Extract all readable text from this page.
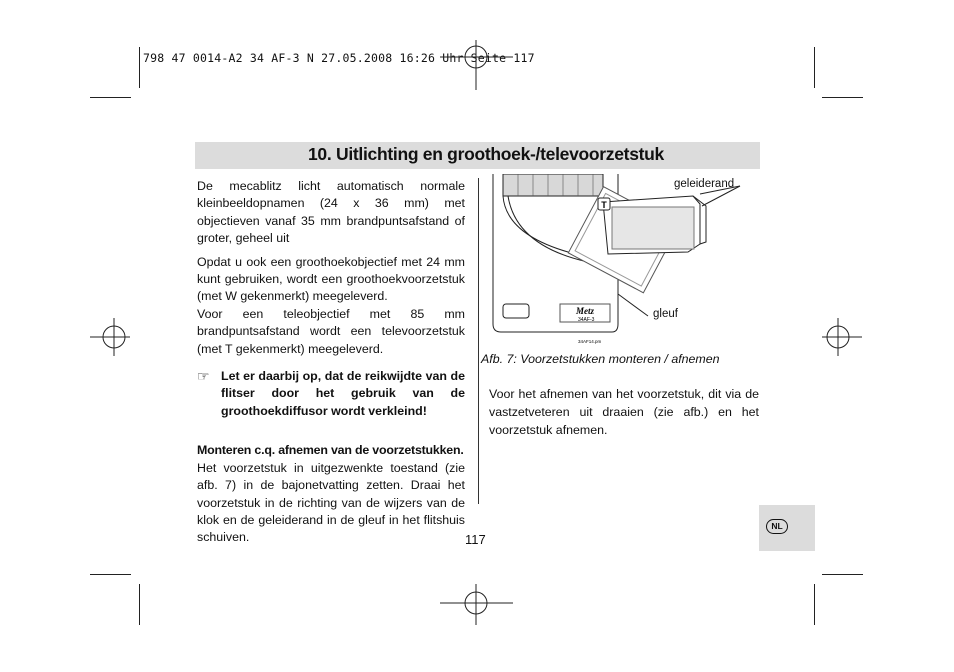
798 47 0014-A2 34 AF-3 N 27.05.2008 16:26 Uhr Seite 117
10. Uitlichting en groothoek-/televoorzetstuk

De mecablitz licht automatisch normale kleinbeeldopnamen (24 x 36 mm) met objectieven vanaf 35 mm brandpuntsafstand of groter, geheel uit

Opdat u ook een groothoekobjectief met 24 mm kunt gebruiken, wordt een groothoekvoorzetstuk (met W gekenmerkt) meegeleverd.

Voor een teleobjectief met 85 mm brandpuntsafstand wordt een televoorzetstuk (met T gekenmerkt) meegeleverd.

☞ Let er daarbij op, dat de reikwijdte van de flitser door het gebruik van de groothoekdiffusor wordt verkleind!

Monteren c.q. afnemen van de voorzetstukken.

Het voorzetstuk in uitgezwenkte toestand (zie afb. 7) in de bajonetvatting zetten. Draai het voorzetstuk in de richting van de wijzers van de klok en de geleiderand in de gleuf in het flitshuis schuiven.

T
Metz
34AF-3
34AF14.pm
geleiderand
gleuf
Afb. 7: Voorzetstukken monteren / afnemen

Voor het afnemen van het voorzetstuk, dit via de vastzetveteren uit draaien (zie afb.) en het voorzetstuk afnemen.

117
NL
